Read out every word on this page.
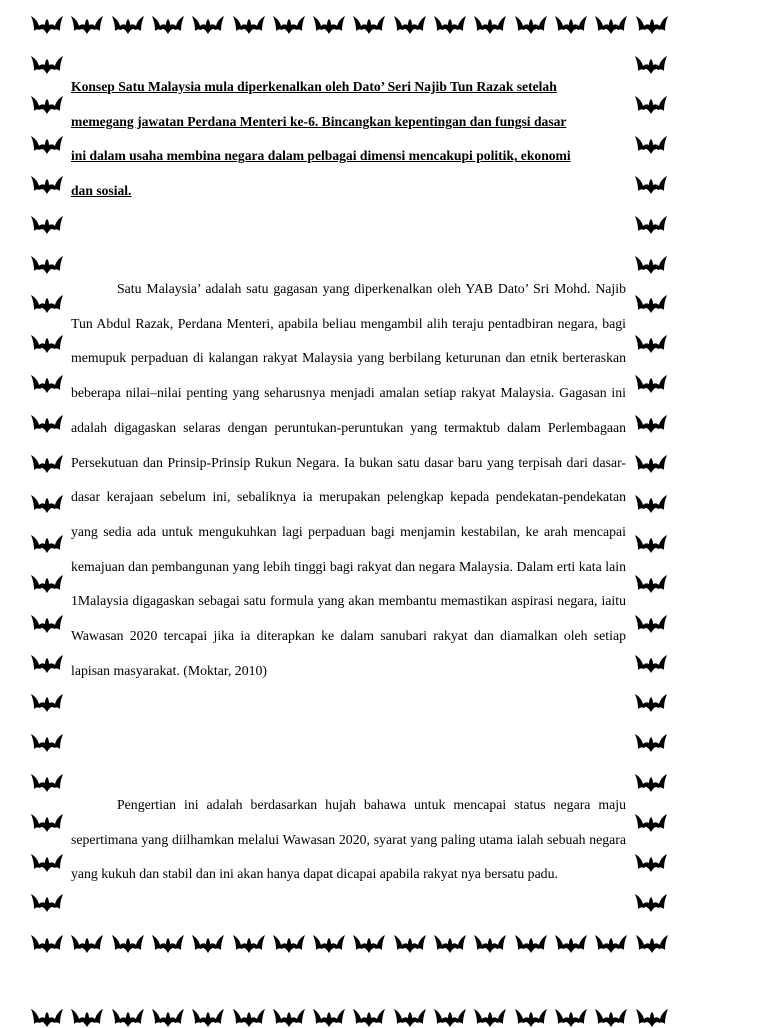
Konsep Satu Malaysia mula diperkenalkan oleh Dato’ Seri Najib Tun Razak setelah
memegang jawatan Perdana Menteri ke-6. Bincangkan kepentingan dan fungsi dasar
ini dalam usaha membina negara dalam pelbagai dimensi mencakupi politik, ekonomi
dan sosial.

Satu Malaysia’ adalah satu gagasan yang diperkenalkan oleh YAB Dato’ Sri Mohd. Najib Tun Abdul Razak, Perdana Menteri, apabila beliau mengambil alih teraju pentadbiran negara, bagi memupuk perpaduan di kalangan rakyat Malaysia yang berbilang keturunan dan etnik berteraskan beberapa nilai–nilai penting yang seharusnya menjadi amalan setiap rakyat Malaysia. Gagasan ini adalah digagaskan selaras dengan peruntukan-peruntukan yang termaktub dalam Perlembagaan Persekutuan dan Prinsip-Prinsip Rukun Negara. Ia bukan satu dasar baru yang terpisah dari dasar-dasar kerajaan sebelum ini, sebaliknya ia merupakan pelengkap kepada pendekatan-pendekatan yang sedia ada untuk mengukuhkan lagi perpaduan bagi menjamin kestabilan, ke arah mencapai kemajuan dan pembangunan yang lebih tinggi bagi rakyat dan negara Malaysia. Dalam erti kata lain 1Malaysia digagaskan sebagai satu formula yang akan membantu memastikan aspirasi negara, iaitu Wawasan 2020 tercapai jika ia diterapkan ke dalam sanubari rakyat dan diamalkan oleh setiap lapisan masyarakat. (Moktar, 2010)

Pengertian ini adalah berdasarkan hujah bahawa untuk mencapai status negara maju sepertimana yang diilhamkan melalui Wawasan 2020, syarat yang paling utama ialah sebuah negara yang kukuh dan stabil dan ini akan hanya dapat dicapai apabila rakyat nya bersatu padu.
